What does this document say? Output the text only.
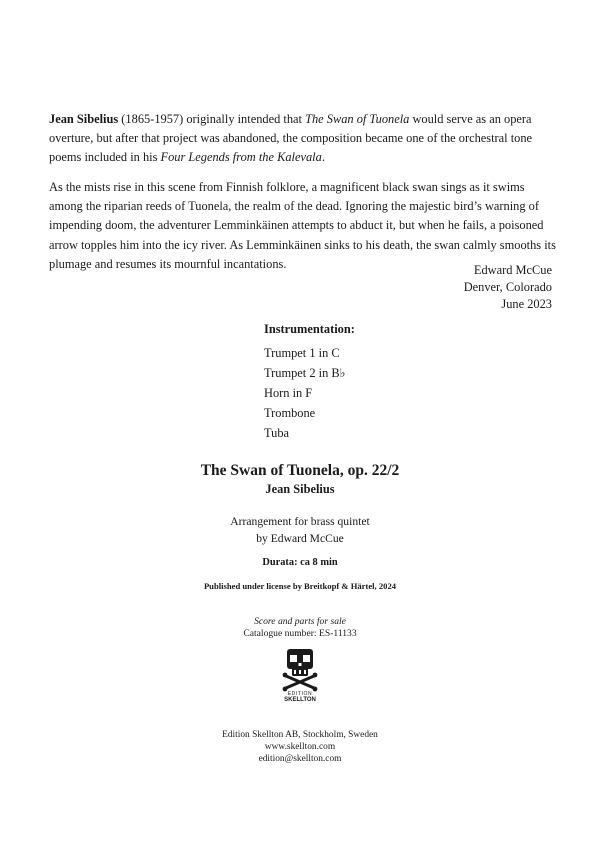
Jean Sibelius (1865-1957) originally intended that The Swan of Tuonela would serve as an opera overture, but after that project was abandoned, the composition became one of the orchestral tone poems included in his Four Legends from the Kalevala.

As the mists rise in this scene from Finnish folklore, a magnificent black swan sings as it swims among the riparian reeds of Tuonela, the realm of the dead. Ignoring the majestic bird’s warning of impending doom, the adventurer Lemminkäinen attempts to abduct it, but when he fails, a poisoned arrow topples him into the icy river. As Lemminkäinen sinks to his death, the swan calmly smooths its plumage and resumes its mournful incantations.	Edward McCue
Denver, Colorado
June 2023
Instrumentation:
Trumpet 1 in C
Trumpet 2 in B♭
Horn in F
Trombone
Tuba
The Swan of Tuonela, op. 22/2
Jean Sibelius
Arrangement for brass quintet
by Edward McCue
Durata: ca 8 min
Published under license by Breitkopf & Härtel, 2024
Score and parts for sale
Catalogue number: ES-11133
EDITION
SKELLTON
Edition Skellton AB, Stockholm, Sweden
www.skellton.com
edition@skellton.com
